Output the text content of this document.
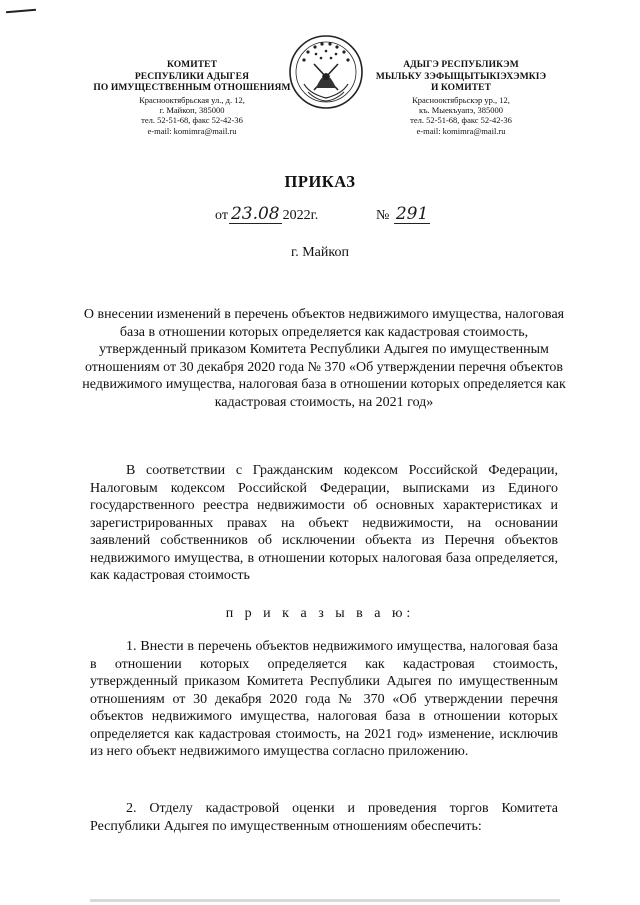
КОМИТЕТ
РЕСПУБЛИКИ АДЫГЕЯ
ПО ИМУЩЕСТВЕННЫМ ОТНОШЕНИЯМ
Краснооктябрьская ул., д. 12,
г. Майкоп, 385000
тел. 52-51-68, факс 52-42-36
e-mail: komimra@mail.ru
АДЫГЭ РЕСПУБЛИКЭМ
МЫЛЬКУ ЗЭФЫЩЫТЫКІЭХЭМКІЭ
И КОМИТЕТ
Краснооктябрьскэр ур., 12,
къ. Мыекъуапэ, 385000
тел. 52-51-68, факс 52-42-36
e-mail: komimra@mail.ru
ПРИКАЗ
от 23.08 2022г.	№ 291
г. Майкоп
О внесении изменений в перечень объектов недвижимого имущества, налоговая база в отношении которых определяется как кадастровая стоимость, утвержденный приказом Комитета Республики Адыгея по имущественным отношениям от 30 декабря 2020 года № 370 «Об утверждении перечня объектов недвижимого имущества, налоговая база в отношении которых определяется как кадастровая стоимость, на 2021 год»
В соответствии с Гражданским кодексом Российской Федерации, Налоговым кодексом Российской Федерации, выписками из Единого государственного реестра недвижимости об основных характеристиках и зарегистрированных правах на объект недвижимости, на основании заявлений собственников об исключении объекта из Перечня объектов недвижимого имущества, в отношении которых налоговая база определяется, как кадастровая стоимость
п р и к а з ы в а ю:
1. Внести в перечень объектов недвижимого имущества, налоговая база в отношении которых определяется как кадастровая стоимость, утвержденный приказом Комитета Республики Адыгея по имущественным отношениям от 30 декабря 2020 года № 370 «Об утверждении перечня объектов недвижимого имущества, налоговая база в отношении которых определяется как кадастровая стоимость, на 2021 год» изменение, исключив из него объект недвижимого имущества согласно приложению.
2. Отделу кадастровой оценки и проведения торгов Комитета Республики Адыгея по имущественным отношениям обеспечить:
